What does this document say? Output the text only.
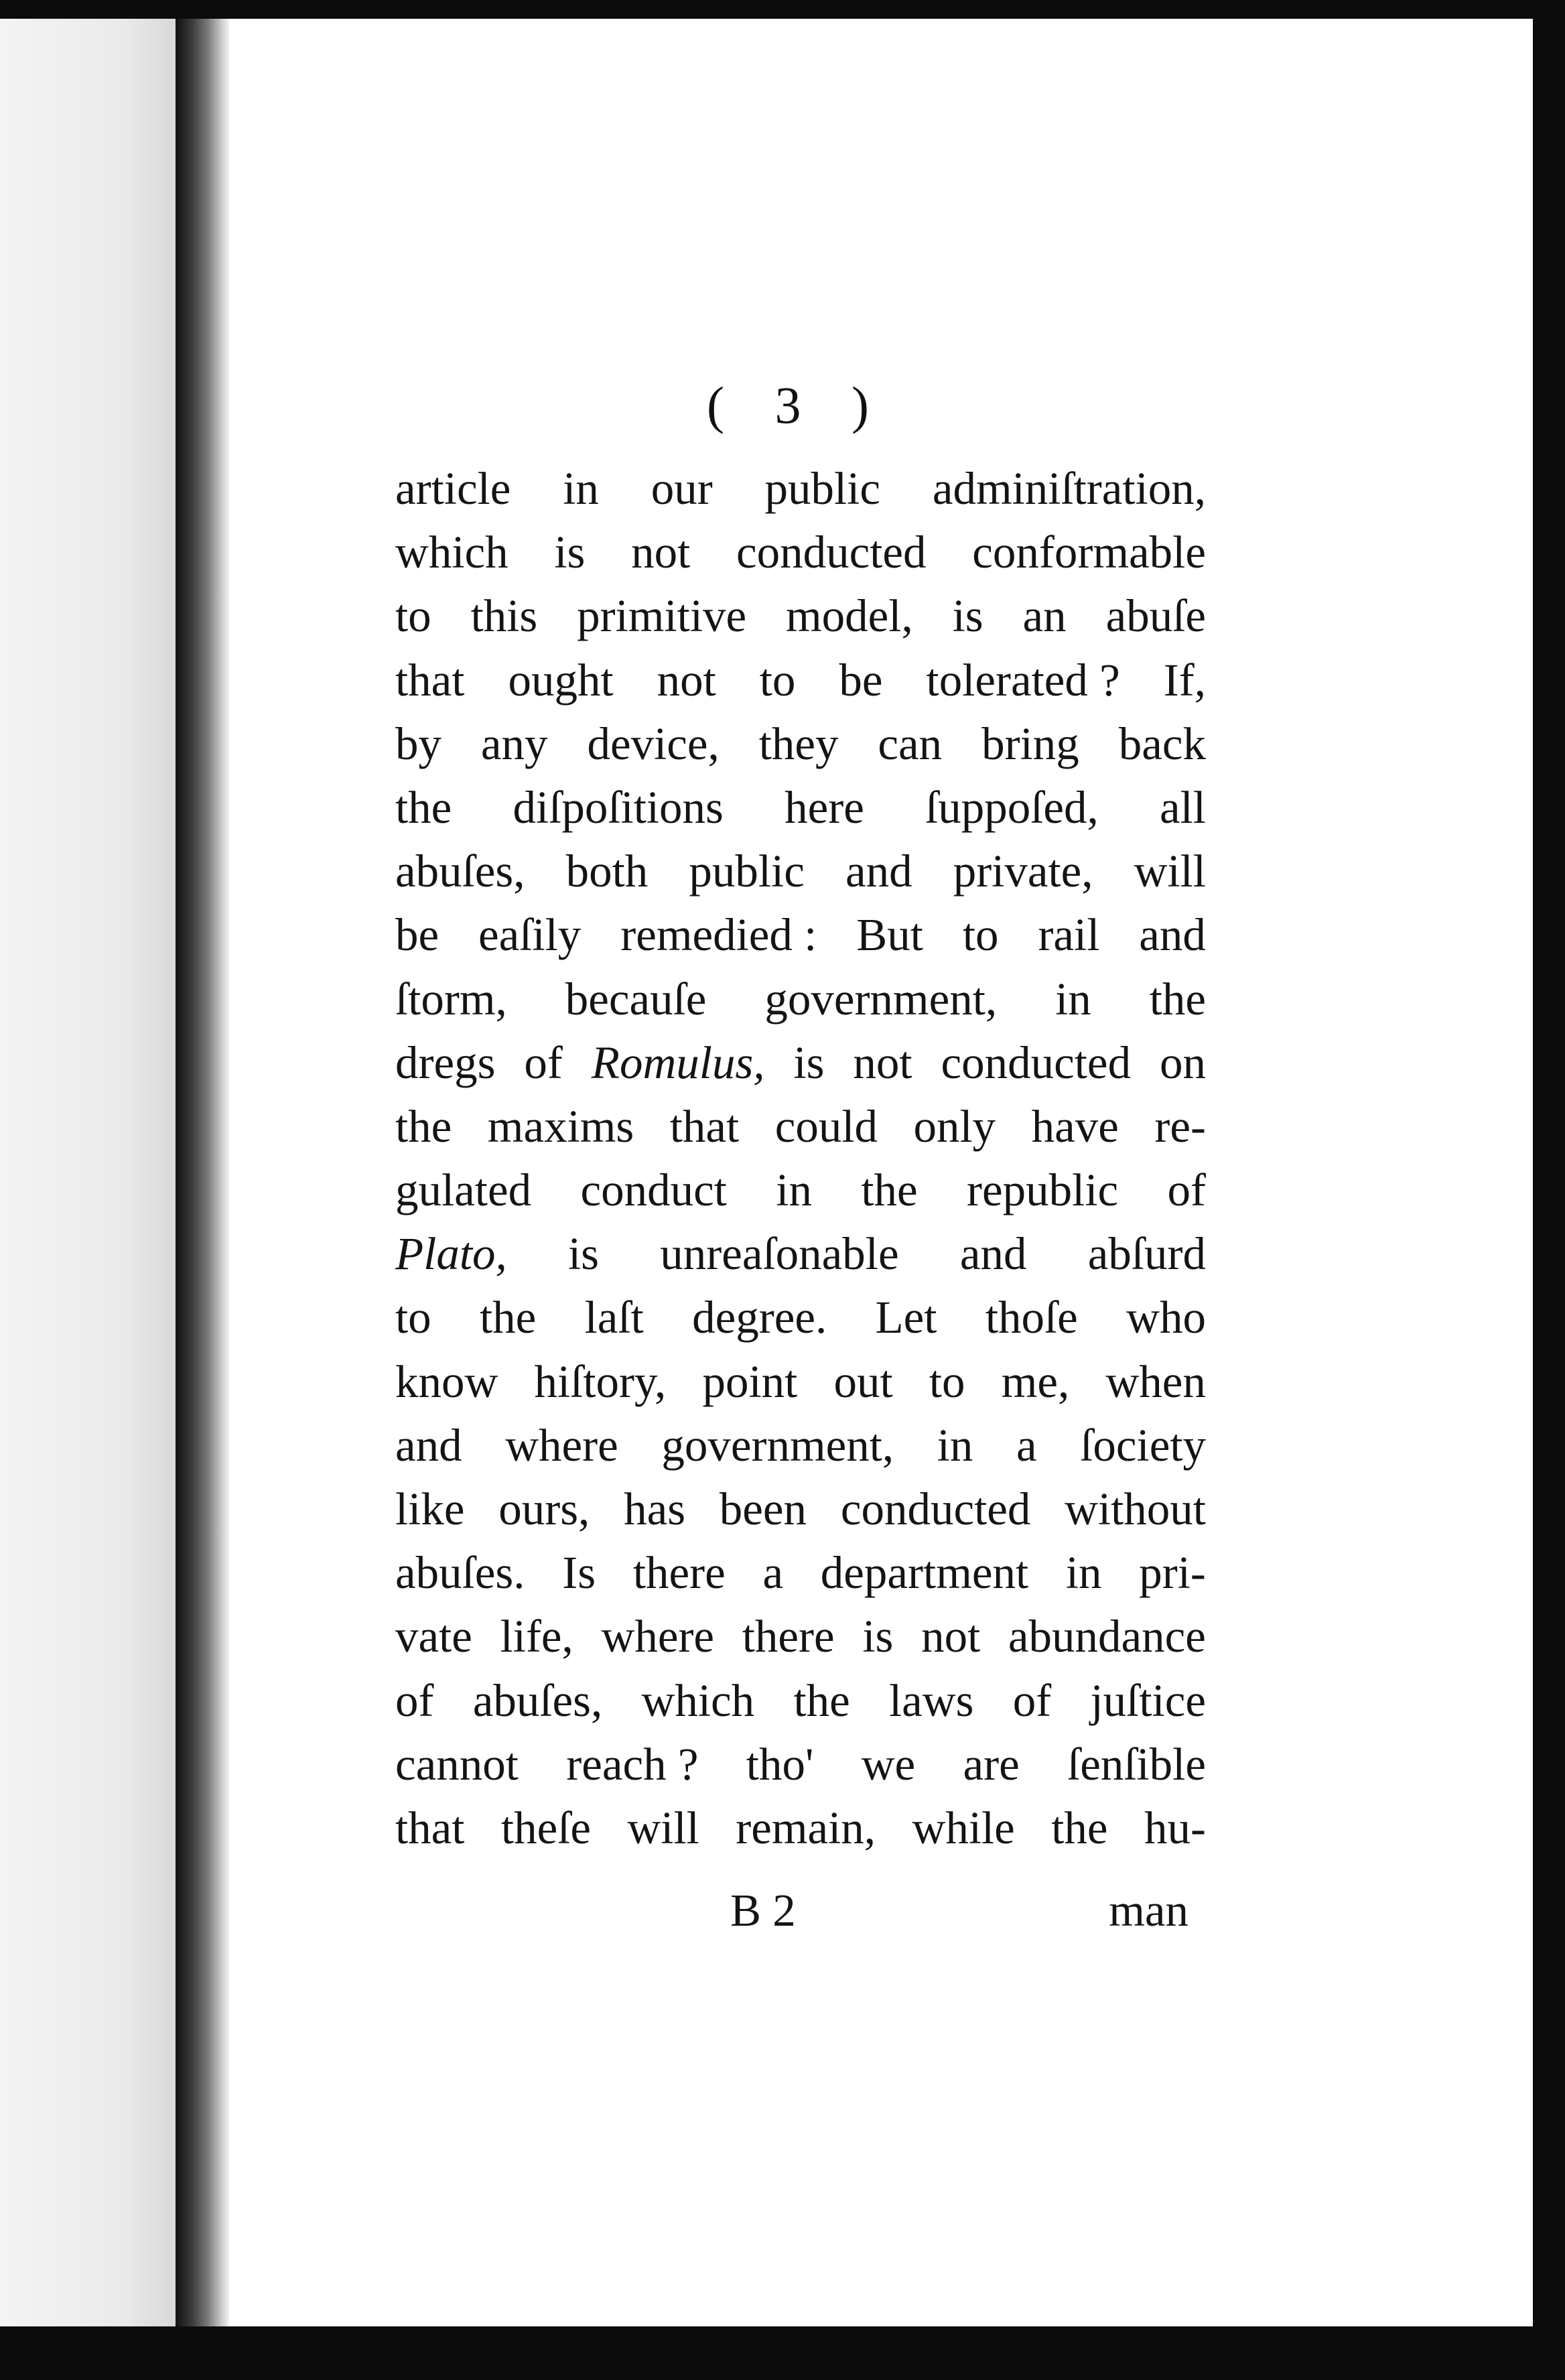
( 3 )
article in our public adminiſtration,
which is not conducted conformable
to this primitive model, is an abuſe
that ought not to be tolerated ? If,
by any device, they can bring back
the diſpoſitions here ſuppoſed, all
abuſes, both public and private, will
be eaſily remedied : But to rail and
ſtorm, becauſe government, in the
dregs of Romulus, is not conducted on
the maxims that could only have re-
gulated conduct in the republic of
Plato, is unreaſonable and abſurd
to the laſt degree. Let thoſe who
know hiſtory, point out to me, when
and where government, in a ſociety
like ours, has been conducted without
abuſes. Is there a department in pri-
vate life, where there is not abundance
of abuſes, which the laws of juſtice
cannot reach ? tho' we are ſenſible
that theſe will remain, while the hu-
B 2	man
